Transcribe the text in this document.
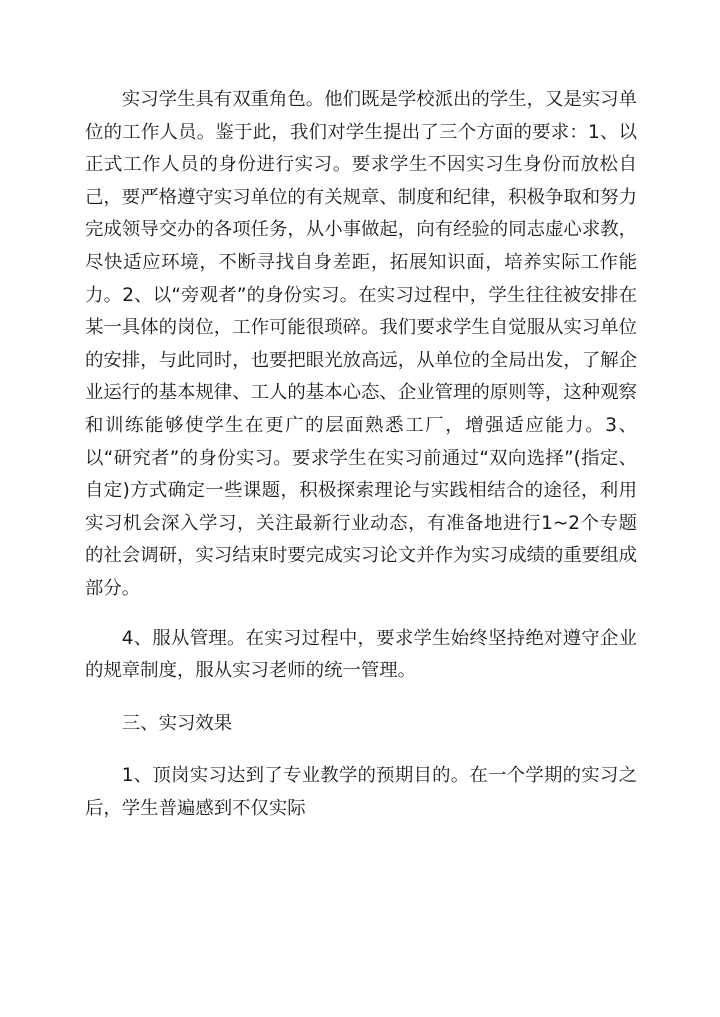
实习学生具有双重角色。他们既是学校派出的学生，又是实习单位的工作人员。鉴于此，我们对学生提出了三个方面的要求：1、以正式工作人员的身份进行实习。要求学生不因实习生身份而放松自己，要严格遵守实习单位的有关规章、制度和纪律，积极争取和努力完成领导交办的各项任务，从小事做起，向有经验的同志虚心求教，尽快适应环境，不断寻找自身差距，拓展知识面，培养实际工作能力。2、以“旁观者”的身份实习。在实习过程中，学生往往被安排在某一具体的岗位，工作可能很琐碎。我们要求学生自觉服从实习单位的安排，与此同时，也要把眼光放高远，从单位的全局出发，了解企业运行的基本规律、工人的基本心态、企业管理的原则等，这种观察和训练能够使学生在更广的层面熟悉工厂，增强适应能力。3、以“研究者”的身份实习。要求学生在实习前通过“双向选择”(指定、自定)方式确定一些课题，积极探索理论与实践相结合的途径，利用实习机会深入学习，关注最新行业动态，有准备地进行1~2个专题的社会调研，实习结束时要完成实习论文并作为实习成绩的重要组成部分。

4、服从管理。在实习过程中，要求学生始终坚持绝对遵守企业的规章制度，服从实习老师的统一管理。

三、实习效果

1、顶岗实习达到了专业教学的预期目的。在一个学期的实习之后，学生普遍感到不仅实际
